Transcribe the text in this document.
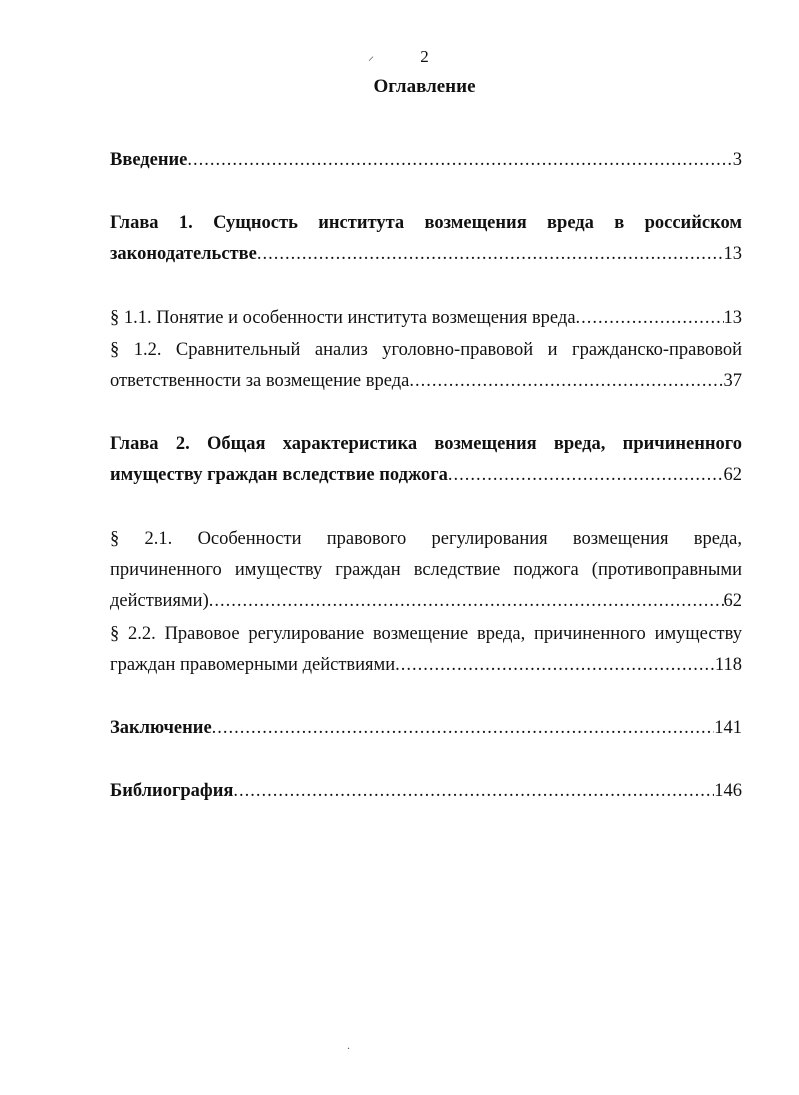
⸍	2
Оглавление
Введение .....	3
Глава 1. Сущность института возмещения вреда в российском
законодательстве .....	13
§ 1.1. Понятие и особенности института возмещения вреда .....	13
§ 1.2. Сравнительный анализ уголовно-правовой и гражданско-правовой
ответственности за возмещение вреда .....	37
Глава 2. Общая характеристика возмещения вреда, причиненного
имуществу граждан вследствие поджога .....	62
§ 2.1. Особенности правового регулирования возмещения вреда,
причиненного имуществу граждан вследствие поджога (противоправными
действиями) .....	62
§ 2.2. Правовое регулирование возмещение вреда, причиненного имуществу
граждан правомерными действиями .....	118
Заключение .....	141
Библиография .....	146
.
